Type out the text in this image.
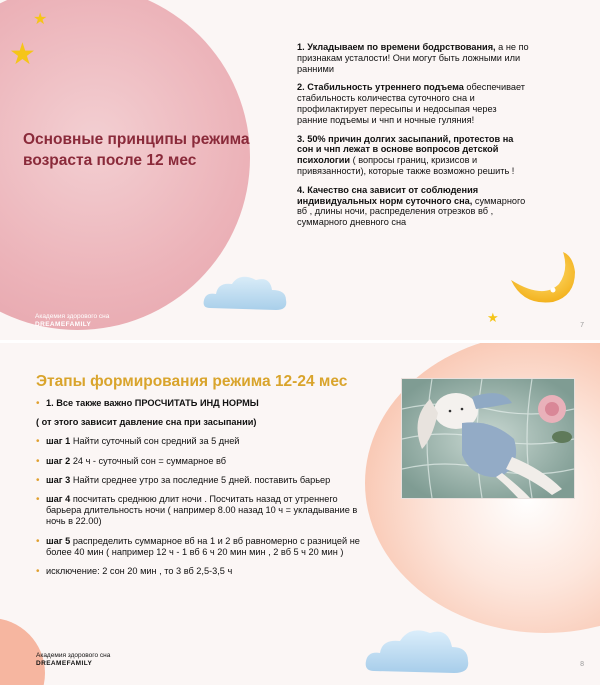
★
★
Основные принципы режима возраста после 12 мес
1. Укладываем по времени бодрствования, а не по признакам усталости! Они могут быть ложными или ранними
2. Стабильность утреннего подъема обеспечивает стабильность количества суточного сна и профилактирует пересыпы и недосыпая через ранние подъемы и чнп и ночные гуляния!
3. 50% причин долгих засыпаний, протестов на сон и чнп лежат в основе вопросов детской психологии ( вопросы границ, кризисов и привязанности), которые также возможно решить !
4. Качество сна зависит от соблюдения индивидуальных норм суточного сна, суммарного вб , длины ночи, распределения отрезков вб , суммарного дневного сна
★
Академия здорового сна
DREAMEFAMILY	7
Этапы формирования режима 12-24 мес
• 1. Все также важно ПРОСЧИТАТЬ ИНД НОРМЫ
( от этого зависит давление сна при засыпании)
• шаг 1 Найти суточный сон средний за 5 дней
• шаг 2 24 ч - суточный сон = суммарное вб
• шаг 3 Найти среднее утро за последние 5 дней. поставить барьер
• шаг 4 посчитать среднюю длит ночи . Посчитать назад от утреннего барьера длительность ночи ( например 8.00 назад 10 ч = укладывание в ночь в 22.00)
• шаг 5 распределить суммарное вб на 1 и 2 вб равномерно с разницей не более 40 мин ( например 12 ч - 1 вб 6 ч 20 мин мин , 2 вб 5 ч 20 мин )
• исключение: 2 сон 20 мин , то 3 вб 2,5-3,5 ч
Академия здорового сна
DREAMEFAMILY	8
